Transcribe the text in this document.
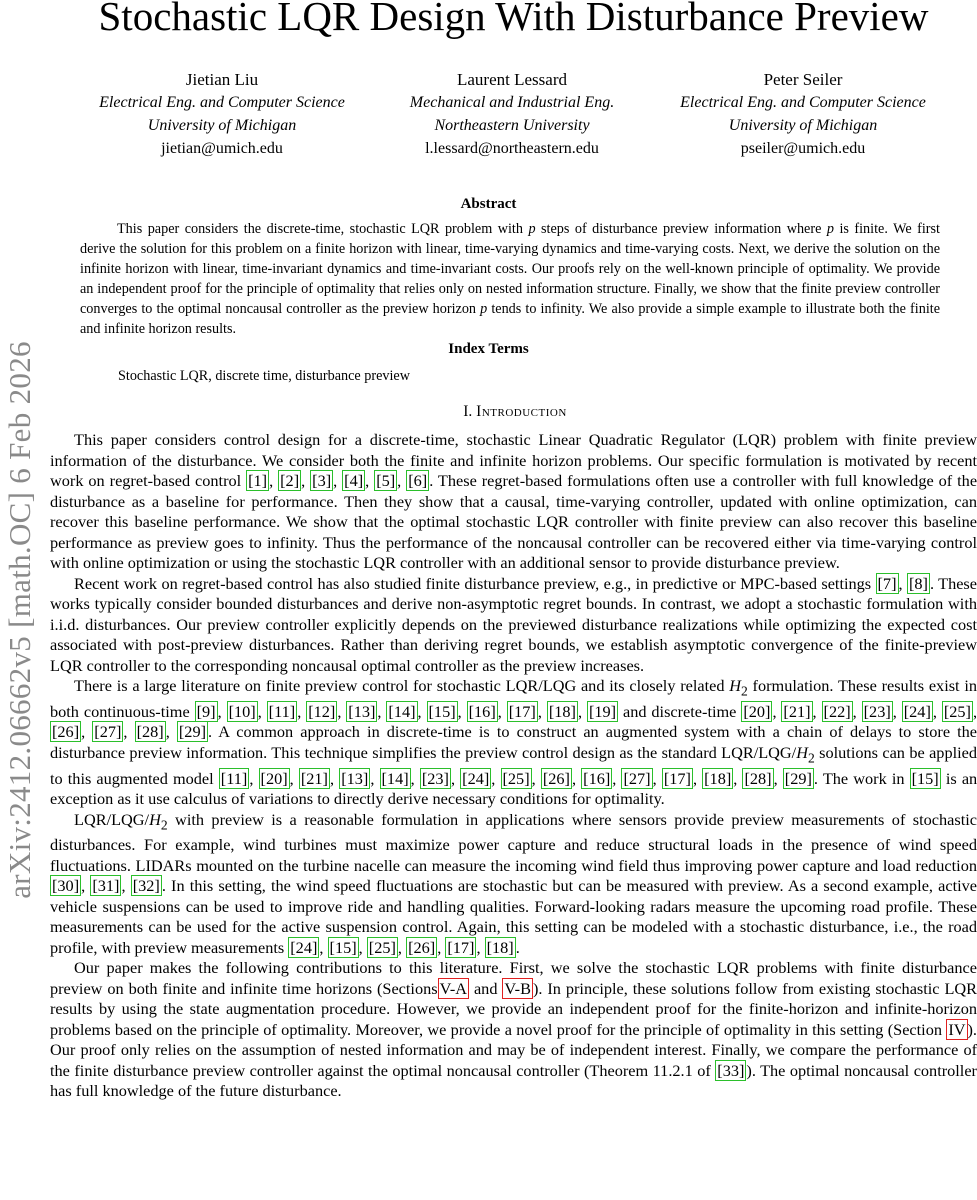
arXiv:2412.06662v5 [math.OC] 6 Feb 2026
Stochastic LQR Design With Disturbance Preview
Jietian Liu
Electrical Eng. and Computer Science
University of Michigan
jietian@umich.edu
Laurent Lessard
Mechanical and Industrial Eng.
Northeastern University
l.lessard@northeastern.edu
Peter Seiler
Electrical Eng. and Computer Science
University of Michigan
pseiler@umich.edu
Abstract
This paper considers the discrete-time, stochastic LQR problem with p steps of disturbance preview information where p is finite. We first derive the solution for this problem on a finite horizon with linear, time-varying dynamics and time-varying costs. Next, we derive the solution on the infinite horizon with linear, time-invariant dynamics and time-invariant costs. Our proofs rely on the well-known principle of optimality. We provide an independent proof for the principle of optimality that relies only on nested information structure. Finally, we show that the finite preview controller converges to the optimal noncausal controller as the preview horizon p tends to infinity. We also provide a simple example to illustrate both the finite and infinite horizon results.
Index Terms
Stochastic LQR, discrete time, disturbance preview
I. Introduction

This paper considers control design for a discrete-time, stochastic Linear Quadratic Regulator (LQR) problem with finite preview information of the disturbance. We consider both the finite and infinite horizon problems. Our specific formulation is motivated by recent work on regret-based control [1] , [2] , [3] , [4] , [5] , [6] . These regret-based formulations often use a controller with full knowledge of the disturbance as a baseline for performance. Then they show that a causal, time-varying controller, updated with online optimization, can recover this baseline performance. We show that the optimal stochastic LQR controller with finite preview can also recover this baseline performance as preview goes to infinity. Thus the performance of the noncausal controller can be recovered either via time-varying control with online optimization or using the stochastic LQR controller with an additional sensor to provide disturbance preview.

Recent work on regret-based control has also studied finite disturbance preview, e.g., in predictive or MPC-based settings [7] , [8] . These works typically consider bounded disturbances and derive non-asymptotic regret bounds. In contrast, we adopt a stochastic formulation with i.i.d. disturbances. Our preview controller explicitly depends on the previewed disturbance realizations while optimizing the expected cost associated with post-preview disturbances. Rather than deriving regret bounds, we establish asymptotic convergence of the finite-preview LQR controller to the corresponding noncausal optimal controller as the preview increases.

There is a large literature on finite preview control for stochastic LQR/LQG and its closely related $H_2$ formulation. These results exist in both continuous-time [9] , [10] , [11] , [12] , [13] , [14] , [15] , [16] , [17] , [18] , [19] and discrete-time [20] , [21] , [22] , [23] , [24] , [25] , [26] , [27] , [28] , [29] . A common approach in discrete-time is to construct an augmented system with a chain of delays to store the disturbance preview information. This technique simplifies the preview control design as the standard LQR/$LQG/H_2$ solutions can be applied to this augmented model [11] , [20] , [21] , [13] , [14] , [23] , [24] , [25] , [26] , [16] , [27] , [17] , [18] , [28] , [29] . The work in [15] is an exception as it use calculus of variations to directly derive necessary conditions for optimality.

LQR/$LQG/H_2$ with preview is a reasonable formulation in applications where sensors provide preview measurements of stochastic disturbances. For example, wind turbines must maximize power capture and reduce structural loads in the presence of wind speed fluctuations. LIDARs mounted on the turbine nacelle can measure the incoming wind field thus improving power capture and load reduction [30] , [31] , [32] . In this setting, the wind speed fluctuations are stochastic but can be measured with preview. As a second example, active vehicle suspensions can be used to improve ride and handling qualities. Forward-looking radars measure the upcoming road profile. These measurements can be used for the active suspension control. Again, this setting can be modeled with a stochastic disturbance, i.e., the road profile, with preview measurements [24] , [15] , [25] , [26] , [17] , [18] .

Our paper makes the following contributions to this literature. First, we solve the stochastic LQR problems with finite disturbance preview on both finite and infinite time horizons (Sections V-A and V-B ). In principle, these solutions follow from existing stochastic LQR results by using the state augmentation procedure. However, we provide an independent proof for the finite-horizon and infinite-horizon problems based on the principle of optimality. Moreover, we provide a novel proof for the principle of optimality in this setting (Section IV ). Our proof only relies on the assumption of nested information and may be of independent interest. Finally, we compare the performance of the finite disturbance preview controller against the optimal noncausal controller (Theorem 11.2.1 of [33] ). The optimal noncausal controller has full knowledge of the future disturbance.
